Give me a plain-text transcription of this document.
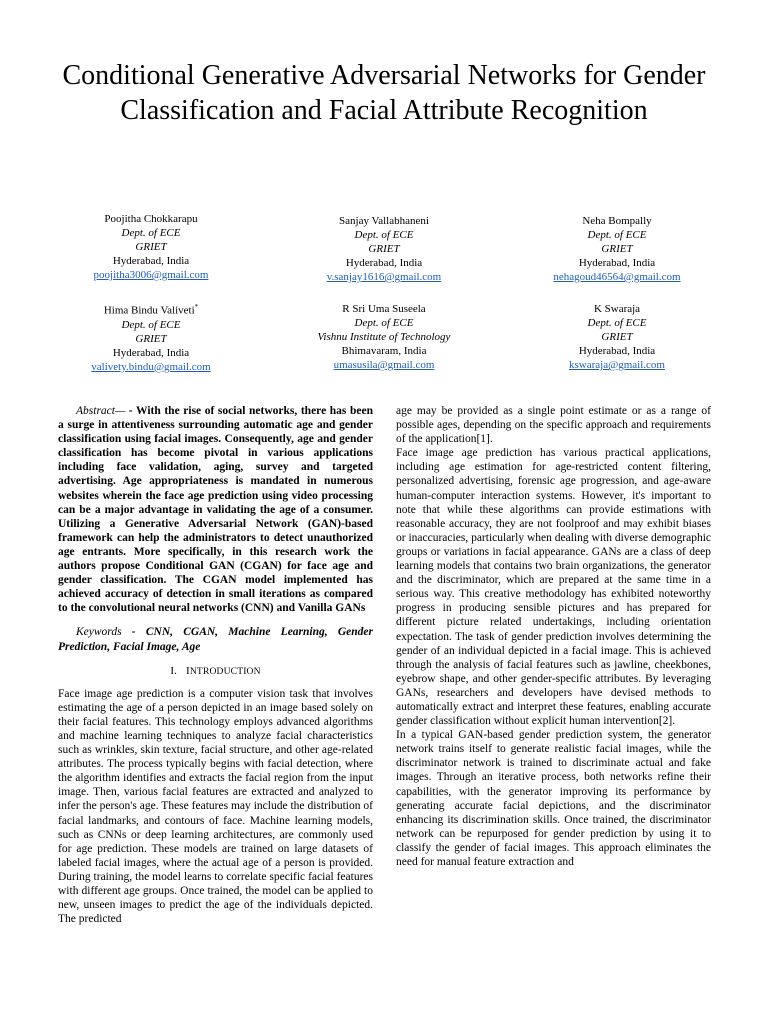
Conditional Generative Adversarial Networks for Gender Classification and Facial Attribute Recognition
Poojitha Chokkarapu
Dept. of ECE
GRIET
Hyderabad, India
poojitha3006@gmail.com
Sanjay Vallabhaneni
Dept. of ECE
GRIET
Hyderabad, India
v.sanjay1616@gmail.com
Neha Bompally
Dept. of ECE
GRIET
Hyderabad, India
nehagoud46564@gmail.com
Hima Bindu Valiveti*
Dept. of ECE
GRIET
Hyderabad, India
valivety.bindu@gmail.com
R Sri Uma Suseela
Dept. of ECE
Vishnu Institute of Technology
Bhimavaram, India
umasusila@gmail.com
K Swaraja
Dept. of ECE
GRIET
Hyderabad, India
kswaraja@gmail.com

Abstract— - With the rise of social networks, there has been a surge in attentiveness surrounding automatic age and gender classification using facial images. Consequently, age and gender classification has become pivotal in various applications including face validation, aging, survey and targeted advertising. Age appropriateness is mandated in numerous websites wherein the face age prediction using video processing can be a major advantage in validating the age of a consumer. Utilizing a Generative Adversarial Network (GAN)-based framework can help the administrators to detect unauthorized age entrants. More specifically, in this research work the authors propose Conditional GAN (CGAN) for face age and gender classification. The CGAN model implemented has achieved accuracy of detection in small iterations as compared to the convolutional neural networks (CNN) and Vanilla GANs

Keywords - CNN, CGAN, Machine Learning, Gender Prediction, Facial Image, Age

I. INTRODUCTION

Face image age prediction is a computer vision task that involves estimating the age of a person depicted in an image based solely on their facial features. This technology employs advanced algorithms and machine learning techniques to analyze facial characteristics such as wrinkles, skin texture, facial structure, and other age-related attributes. The process typically begins with facial detection, where the algorithm identifies and extracts the facial region from the input image. Then, various facial features are extracted and analyzed to infer the person's age. These features may include the distribution of facial landmarks, and contours of face. Machine learning models, such as CNNs or deep learning architectures, are commonly used for age prediction. These models are trained on large datasets of labeled facial images, where the actual age of a person is provided. During training, the model learns to correlate specific facial features with different age groups. Once trained, the model can be applied to new, unseen images to predict the age of the individuals depicted. The predicted

age may be provided as a single point estimate or as a range of possible ages, depending on the specific approach and requirements of the application[1].

Face image age prediction has various practical applications, including age estimation for age-restricted content filtering, personalized advertising, forensic age progression, and age-aware human-computer interaction systems. However, it's important to note that while these algorithms can provide estimations with reasonable accuracy, they are not foolproof and may exhibit biases or inaccuracies, particularly when dealing with diverse demographic groups or variations in facial appearance. GANs are a class of deep learning models that contains two brain organizations, the generator and the discriminator, which are prepared at the same time in a serious way. This creative methodology has exhibited noteworthy progress in producing sensible pictures and has prepared for different picture related undertakings, including orientation expectation. The task of gender prediction involves determining the gender of an individual depicted in a facial image. This is achieved through the analysis of facial features such as jawline, cheekbones, eyebrow shape, and other gender-specific attributes. By leveraging GANs, researchers and developers have devised methods to automatically extract and interpret these features, enabling accurate gender classification without explicit human intervention[2].

In a typical GAN-based gender prediction system, the generator network trains itself to generate realistic facial images, while the discriminator network is trained to discriminate actual and fake images. Through an iterative process, both networks refine their capabilities, with the generator improving its performance by generating accurate facial depictions, and the discriminator enhancing its discrimination skills. Once trained, the discriminator network can be repurposed for gender prediction by using it to classify the gender of facial images. This approach eliminates the need for manual feature extraction and
